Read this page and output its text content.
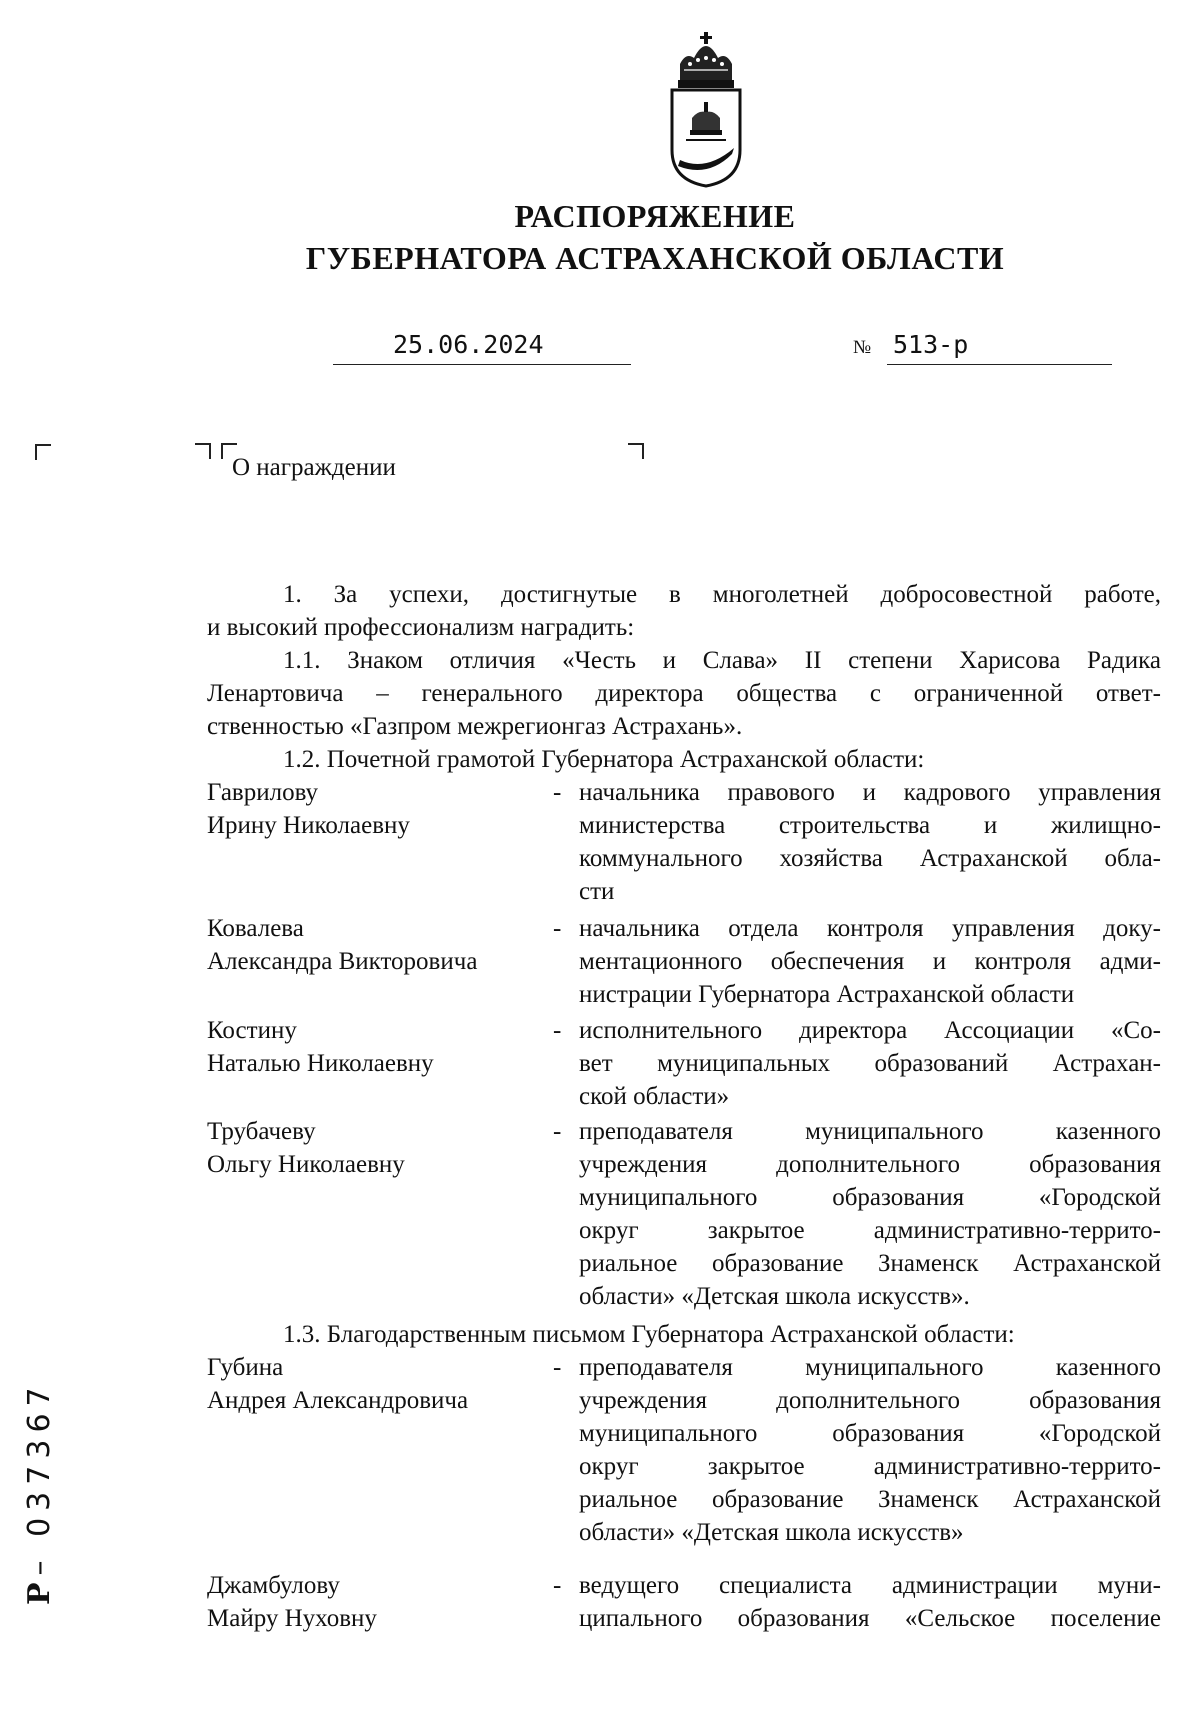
РАСПОРЯЖЕНИЕ
ГУБЕРНАТОРА АСТРАХАНСКОЙ ОБЛАСТИ
25.06.2024	№ 513-р
О награждении
1. За успехи, достигнутые в многолетней добросовестной работе,
и высокий профессионализм наградить:
1.1. Знаком отличия «Честь и Слава» II степени Харисова Радика
Ленартовича – генерального директора общества с ограниченной ответ-
ственностью «Газпром межрегионгаз Астрахань».
1.2. Почетной грамотой Губернатора Астраханской области:
Гаврилову
Ирину Николаевну
- начальника правового и кадрового управления
министерства строительства и жилищно-
коммунального хозяйства Астраханской обла-
сти
Ковалева
Александра Викторовича
- начальника отдела контроля управления доку-
ментационного обеспечения и контроля адми-
нистрации Губернатора Астраханской области
Костину
Наталью Николаевну
- исполнительного директора Ассоциации «Со-
вет муниципальных образований Астрахан-
ской области»
Трубачеву
Ольгу Николаевну
- преподавателя муниципального казенного
учреждения дополнительного образования
муниципального образования «Городской
округ закрытое административно-террито-
риальное образование Знаменск Астраханской
области» «Детская школа искусств».
1.3. Благодарственным письмом Губернатора Астраханской области:
Губина
Андрея Александровича
- преподавателя муниципального казенного
учреждения дополнительного образования
муниципального образования «Городской
округ закрытое административно-террито-
риальное образование Знаменск Астраханской
области» «Детская школа искусств»
Джамбулову
Майру Нуховну
- ведущего специалиста администрации муни-
ципального образования «Сельское поселение
Р– 037367
